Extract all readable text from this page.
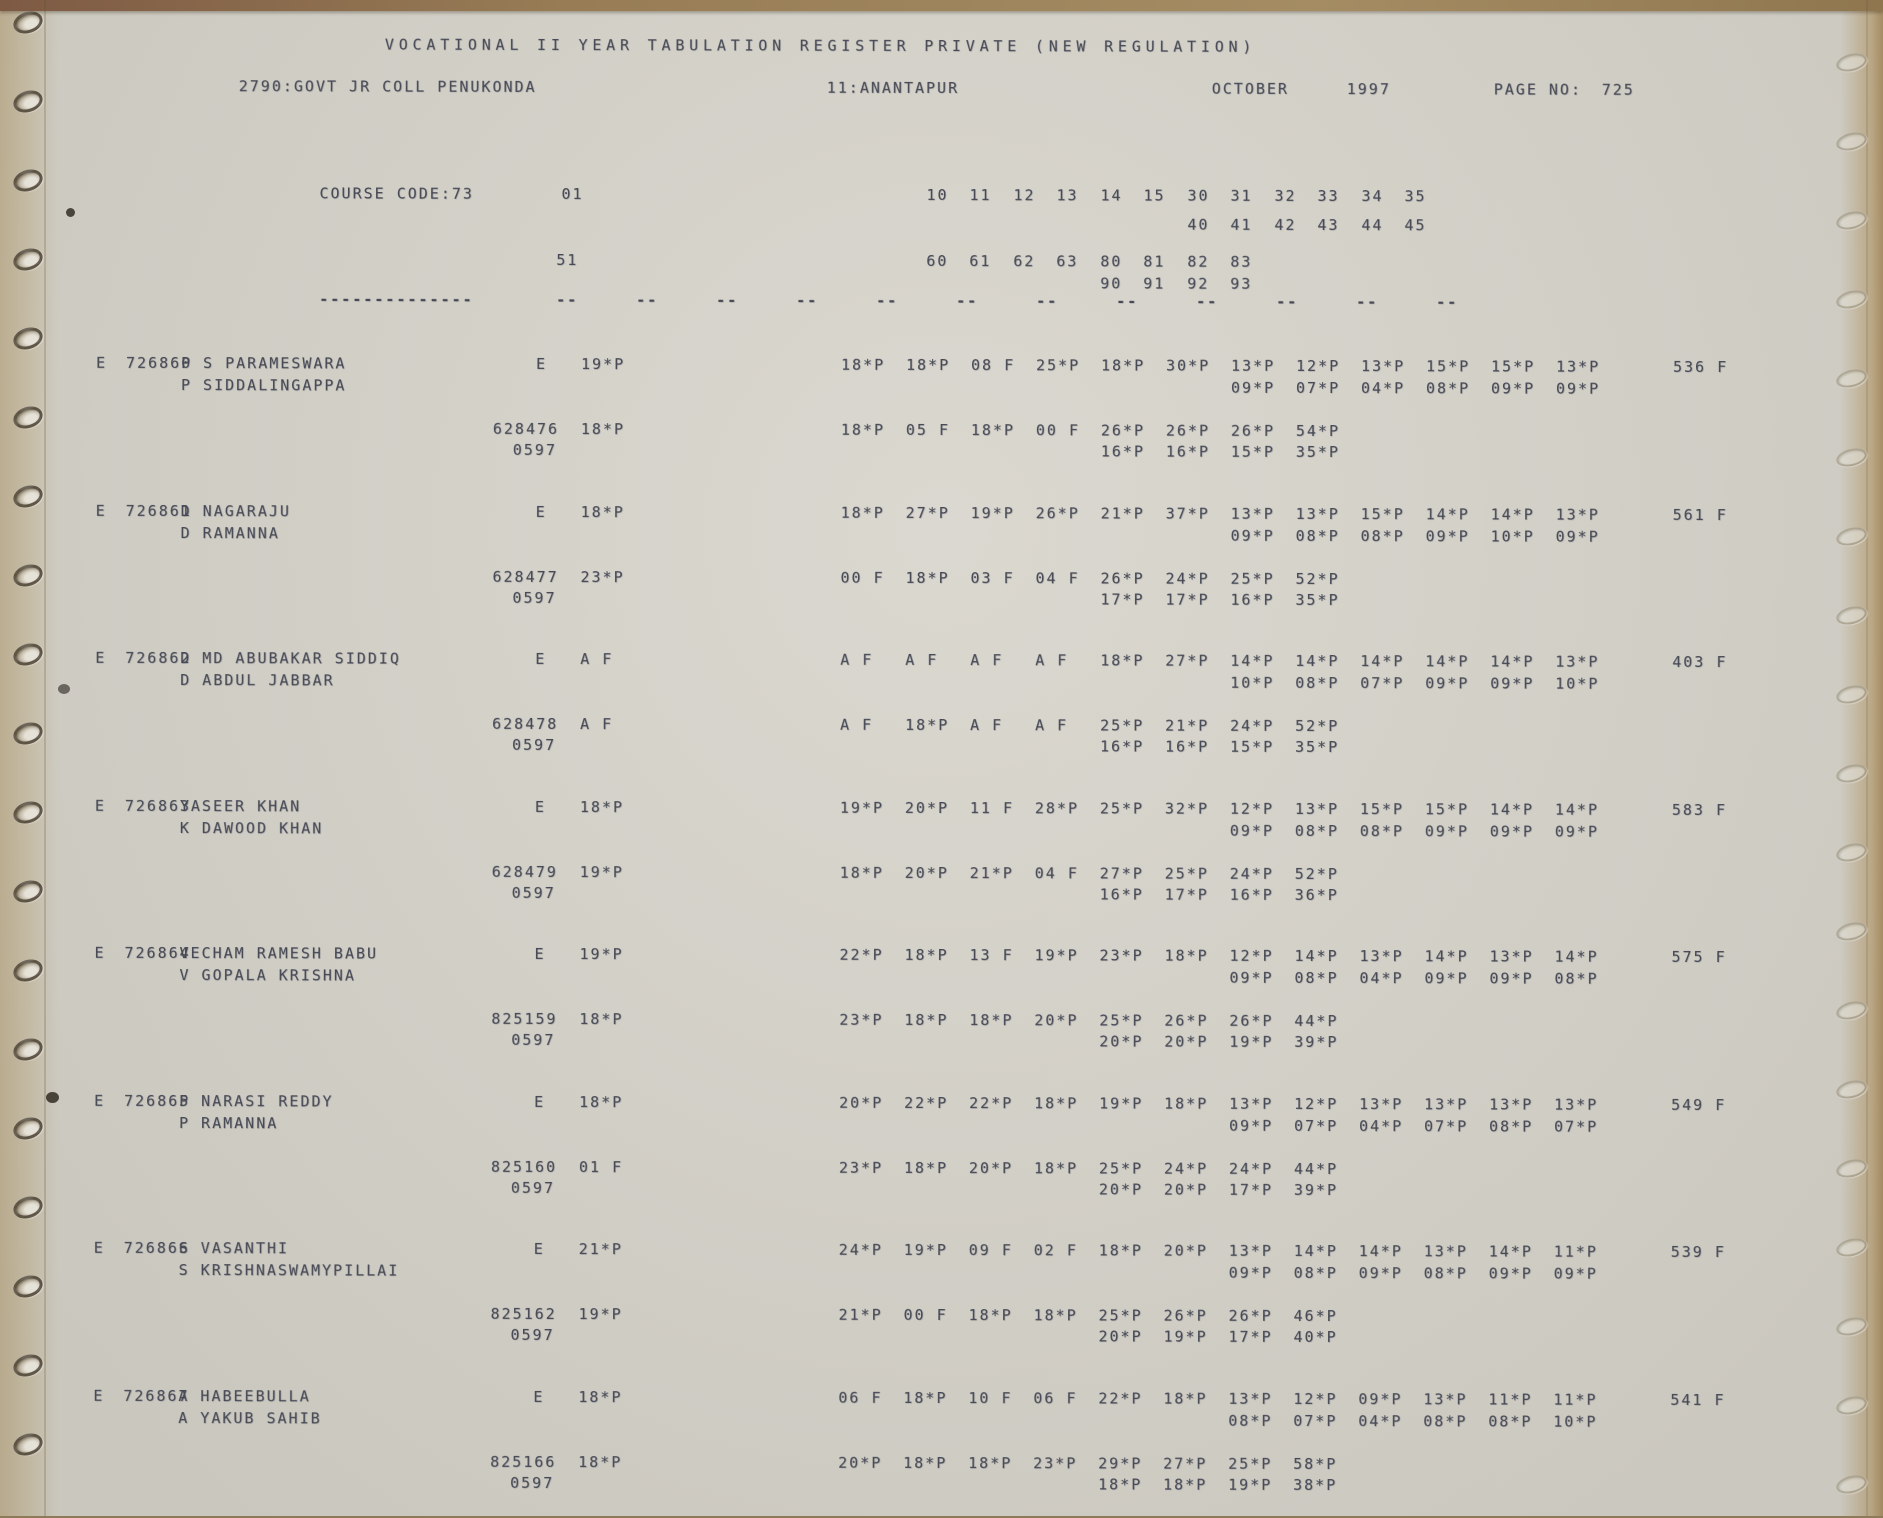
VOCATIONAL II YEAR TABULATION REGISTER PRIVATE (NEW REGULATION)
2790:GOVT JR COLL PENUKONDA	11:ANANTAPUR	OCTOBER	1997	PAGE NO: 725
COURSE CODE:73	01
51
10 11 12 13 14 15 30 31 32 33 34 35
40 41 42 43 44 45
60 61 62 63 80 81 82 83
90 91 92 93
--------------	--	--	--	--	--	--	--	--	--	--	--	--
E 726860
P S PARAMESWARA	E 19*P	18*P 18*P 08 F 25*P 18*P 30*P 13*P 12*P 13*P 15*P 15*P 13*P	536 F
P SIDDALINGAPPA	09*P 07*P 04*P 08*P 09*P 09*P
628476 18*P	18*P 05 F 18*P 00 F 26*P 26*P 26*P 54*P
0597	16*P 16*P 15*P 35*P
E 726861
D NAGARAJU	E 18*P	18*P 27*P 19*P 26*P 21*P 37*P 13*P 13*P 15*P 14*P 14*P 13*P	561 F
D RAMANNA	09*P 08*P 08*P 09*P 10*P 09*P
628477 23*P	00 F 18*P 03 F 04 F 26*P 24*P 25*P 52*P
0597	17*P 17*P 16*P 35*P
E 726862
D MD ABUBAKAR SIDDIQ	E A F	A F A F A F A F 18*P 27*P 14*P 14*P 14*P 14*P 14*P 13*P	403 F
D ABDUL JABBAR	10*P 08*P 07*P 09*P 09*P 10*P
628478 A F	A F 18*P A F A F 25*P 21*P 24*P 52*P
0597	16*P 16*P 15*P 35*P
E 726863
YASEER KHAN	E 18*P	19*P 20*P 11 F 28*P 25*P 32*P 12*P 13*P 15*P 15*P 14*P 14*P	583 F
K DAWOOD KHAN	09*P 08*P 08*P 09*P 09*P 09*P
628479 19*P	18*P 20*P 21*P 04 F 27*P 25*P 24*P 52*P
0597	16*P 17*P 16*P 36*P
E 726864
VECHAM RAMESH BABU	E 19*P	22*P 18*P 13 F 19*P 23*P 18*P 12*P 14*P 13*P 14*P 13*P 14*P	575 F
V GOPALA KRISHNA	09*P 08*P 04*P 09*P 09*P 08*P
825159 18*P	23*P 18*P 18*P 20*P 25*P 26*P 26*P 44*P
0597	20*P 20*P 19*P 39*P
E 726865
P NARASI REDDY	E 18*P	20*P 22*P 22*P 18*P 19*P 18*P 13*P 12*P 13*P 13*P 13*P 13*P	549 F
P RAMANNA	09*P 07*P 04*P 07*P 08*P 07*P
825160 01 F	23*P 18*P 20*P 18*P 25*P 24*P 24*P 44*P
0597	20*P 20*P 17*P 39*P
E 726866
S VASANTHI	E 21*P	24*P 19*P 09 F 02 F 18*P 20*P 13*P 14*P 14*P 13*P 14*P 11*P	539 F
S KRISHNASWAMYPILLAI	09*P 08*P 09*P 08*P 09*P 09*P
825162 19*P	21*P 00 F 18*P 18*P 25*P 26*P 26*P 46*P
0597	20*P 19*P 17*P 40*P
E 726867
A HABEEBULLA	E 18*P	06 F 18*P 10 F 06 F 22*P 18*P 13*P 12*P 09*P 13*P 11*P 11*P	541 F
A YAKUB SAHIB	08*P 07*P 04*P 08*P 08*P 10*P
825166 18*P	20*P 18*P 18*P 23*P 29*P 27*P 25*P 58*P
0597	18*P 18*P 19*P 38*P
